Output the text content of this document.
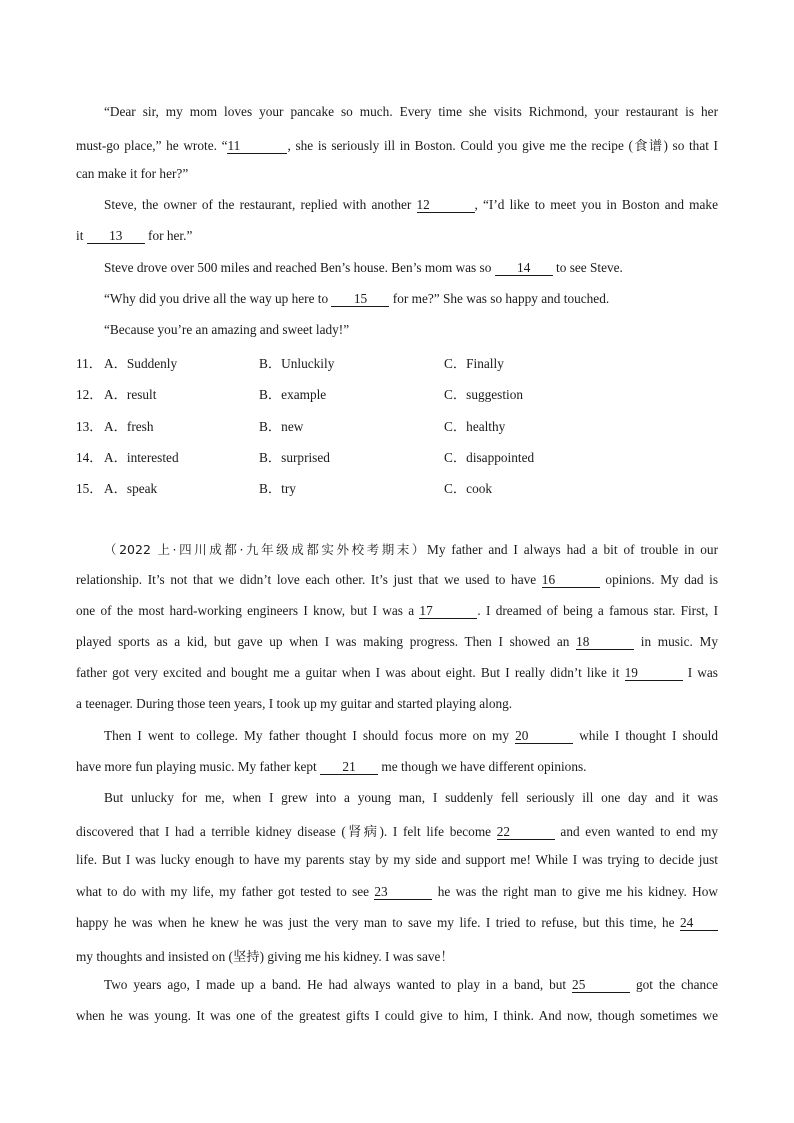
“Dear sir, my mom loves your pancake so much. Every time she visits Richmond, your restaurant is her
must-go place,” he wrote. “11	, she is seriously ill in Boston. Could you give me the recipe (食谱) so that I
can make it for her?”
Steve, the owner of the restaurant, replied with another 12	, “I’d like to meet you in Boston and make
it 13 for her.”
Steve drove over 500 miles and reached Ben’s house. Ben’s mom was so 14 to see Steve.
“Why did you drive all the way up here to 15 for me?” She was so happy and touched.
“Because you’re an amazing and sweet lady!”
11． A．Suddenly	B．Unluckily	C．Finally
12． A．result	B．example	C．suggestion
13． A．fresh	B．new	C．healthy
14． A．interested	B．surprised	C．disappointed
15． A．speak	B．try	C．cook
（2022 上·四川成都·九年级成都实外校考期末）My father and I always had a bit of trouble in our
relationship. It’s not that we didn’t love each other. It’s just that we used to have 16	opinions. My dad is
one of the most hard-working engineers I know, but I was a 17	. I dreamed of being a famous star. First, I
played sports as a kid, but gave up when I was making progress. Then I showed an 18	in music. My
father got very excited and bought me a guitar when I was about eight. But I really didn’t like it 19	I was
a teenager. During those teen years, I took up my guitar and started playing along.
Then I went to college. My father thought I should focus more on my 20	while I thought I should
have more fun playing music. My father kept 21 me though we have different opinions.
But unlucky for me, when I grew into a young man, I suddenly fell seriously ill one day and it was
discovered that I had a terrible kidney disease (肾病). I felt life become 22	and even wanted to end my
life. But I was lucky enough to have my parents stay by my side and support me! While I was trying to decide just
what to do with my life, my father got tested to see 23	he was the right man to give me his kidney. How
happy he was when he knew he was just the very man to save my life. I tried to refuse, but this time, he 24
my thoughts and insisted on (坚持) giving me his kidney. I was save！
Two years ago, I made up a band. He had always wanted to play in a band, but 25	got the chance
when he was young. It was one of the greatest gifts I could give to him, I think. And now, though sometimes we
